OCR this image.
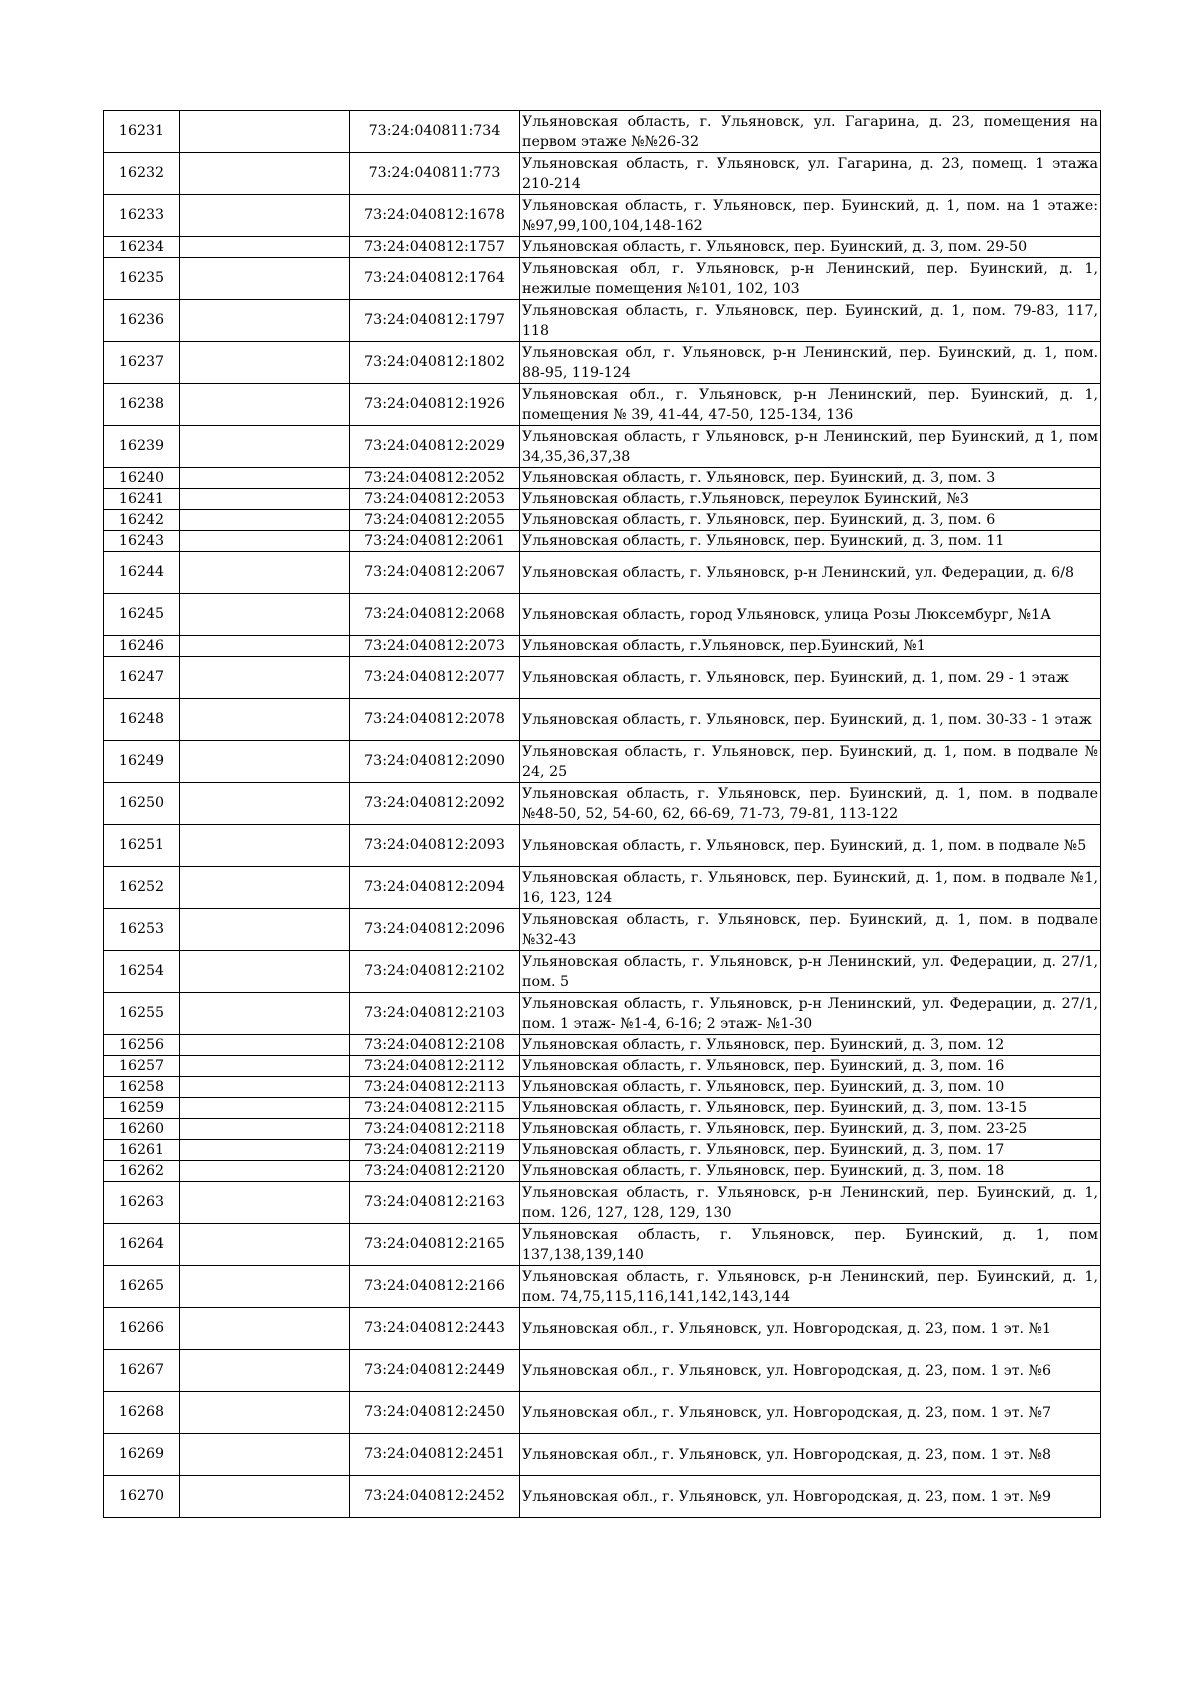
16231		73:24:040811:734	Ульяновская область, г. Ульяновск, ул. Гагарина, д. 23, помещения на первом этаже №№26-32
16232		73:24:040811:773	Ульяновская область, г. Ульяновск, ул. Гагарина, д. 23, помещ. 1 этажа 210-214
16233		73:24:040812:1678	Ульяновская область, г. Ульяновск, пер. Буинский, д. 1, пом. на 1 этаже: №97,99,100,104,148-162
16234		73:24:040812:1757	Ульяновская область, г. Ульяновск, пер. Буинский, д. 3, пом. 29-50
16235		73:24:040812:1764	Ульяновская обл, г. Ульяновск, р-н Ленинский, пер. Буинский, д. 1, нежилые помещения №101, 102, 103
16236		73:24:040812:1797	Ульяновская область, г. Ульяновск, пер. Буинский, д. 1, пом. 79-83, 117, 118
16237		73:24:040812:1802	Ульяновская обл, г. Ульяновск, р-н Ленинский, пер. Буинский, д. 1, пом. 88-95, 119-124
16238		73:24:040812:1926	Ульяновская обл., г. Ульяновск, р-н Ленинский, пер. Буинский, д. 1, помещения № 39, 41-44, 47-50, 125-134, 136
16239		73:24:040812:2029	Ульяновская область, г Ульяновск, р-н Ленинский, пер Буинский, д 1, пом 34,35,36,37,38
16240		73:24:040812:2052	Ульяновская область, г. Ульяновск, пер. Буинский, д. 3, пом. 3
16241		73:24:040812:2053	Ульяновская область, г.Ульяновск, переулок Буинский, №3
16242		73:24:040812:2055	Ульяновская область, г. Ульяновск, пер. Буинский, д. 3, пом. 6
16243		73:24:040812:2061	Ульяновская область, г. Ульяновск, пер. Буинский, д. 3, пом. 11
16244		73:24:040812:2067	Ульяновская область, г. Ульяновск, р-н Ленинский, ул. Федерации, д. 6/8
16245		73:24:040812:2068	Ульяновская область, город Ульяновск, улица Розы Люксембург, №1А
16246		73:24:040812:2073	Ульяновская область, г.Ульяновск, пер.Буинский, №1
16247		73:24:040812:2077	Ульяновская область, г. Ульяновск, пер. Буинский, д. 1, пом. 29 - 1 этаж
16248		73:24:040812:2078	Ульяновская область, г. Ульяновск, пер. Буинский, д. 1, пом. 30-33 - 1 этаж
16249		73:24:040812:2090	Ульяновская область, г. Ульяновск, пер. Буинский, д. 1, пом. в подвале № 24, 25
16250		73:24:040812:2092	Ульяновская область, г. Ульяновск, пер. Буинский, д. 1, пом. в подвале №48-50, 52, 54-60, 62, 66-69, 71-73, 79-81, 113-122
16251		73:24:040812:2093	Ульяновская область, г. Ульяновск, пер. Буинский, д. 1, пом. в подвале №5
16252		73:24:040812:2094	Ульяновская область, г. Ульяновск, пер. Буинский, д. 1, пом. в подвале №1, 16, 123, 124
16253		73:24:040812:2096	Ульяновская область, г. Ульяновск, пер. Буинский, д. 1, пом. в подвале №32-43
16254		73:24:040812:2102	Ульяновская область, г. Ульяновск, р-н Ленинский, ул. Федерации, д. 27/1, пом. 5
16255		73:24:040812:2103	Ульяновская область, г. Ульяновск, р-н Ленинский, ул. Федерации, д. 27/1, пом. 1 этаж- №1-4, 6-16; 2 этаж- №1-30
16256		73:24:040812:2108	Ульяновская область, г. Ульяновск, пер. Буинский, д. 3, пом. 12
16257		73:24:040812:2112	Ульяновская область, г. Ульяновск, пер. Буинский, д. 3, пом. 16
16258		73:24:040812:2113	Ульяновская область, г. Ульяновск, пер. Буинский, д. 3, пом. 10
16259		73:24:040812:2115	Ульяновская область, г. Ульяновск, пер. Буинский, д. 3, пом. 13-15
16260		73:24:040812:2118	Ульяновская область, г. Ульяновск, пер. Буинский, д. 3, пом. 23-25
16261		73:24:040812:2119	Ульяновская область, г. Ульяновск, пер. Буинский, д. 3, пом. 17
16262		73:24:040812:2120	Ульяновская область, г. Ульяновск, пер. Буинский, д. 3, пом. 18
16263		73:24:040812:2163	Ульяновская область, г. Ульяновск, р-н Ленинский, пер. Буинский, д. 1, пом. 126, 127, 128, 129, 130
16264		73:24:040812:2165	Ульяновская область, г. Ульяновск, пер. Буинский, д. 1, пом 137,138,139,140
16265		73:24:040812:2166	Ульяновская область, г. Ульяновск, р-н Ленинский, пер. Буинский, д. 1, пом. 74,75,115,116,141,142,143,144
16266		73:24:040812:2443	Ульяновская обл., г. Ульяновск, ул. Новгородская, д. 23, пом. 1 эт. №1
16267		73:24:040812:2449	Ульяновская обл., г. Ульяновск, ул. Новгородская, д. 23, пом. 1 эт. №6
16268		73:24:040812:2450	Ульяновская обл., г. Ульяновск, ул. Новгородская, д. 23, пом. 1 эт. №7
16269		73:24:040812:2451	Ульяновская обл., г. Ульяновск, ул. Новгородская, д. 23, пом. 1 эт. №8
16270		73:24:040812:2452	Ульяновская обл., г. Ульяновск, ул. Новгородская, д. 23, пом. 1 эт. №9
